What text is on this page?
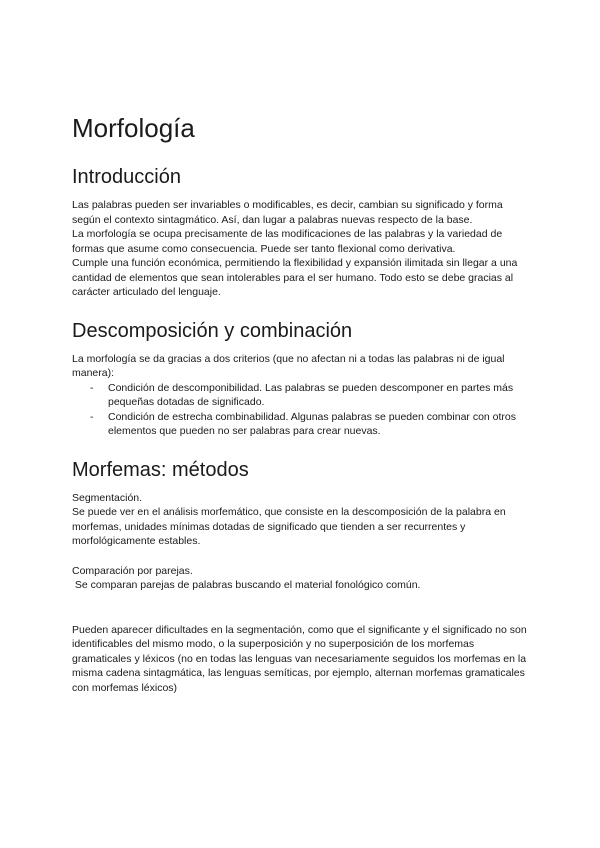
Morfología
Introducción
Las palabras pueden ser invariables o modificables, es decir, cambian su significado y forma según el contexto sintagmático. Así, dan lugar a palabras nuevas respecto de la base.
La morfología se ocupa precisamente de las modificaciones de las palabras y la variedad de formas que asume como consecuencia. Puede ser tanto flexional como derivativa.
Cumple una función económica, permitiendo la flexibilidad y expansión ilimitada sin llegar a una cantidad de elementos que sean intolerables para el ser humano. Todo esto se debe gracias al carácter articulado del lenguaje.
Descomposición y combinación
La morfología se da gracias a dos criterios (que no afectan ni a todas las palabras ni de igual manera):
- Condición de descomponibilidad. Las palabras se pueden descomponer en partes más pequeñas dotadas de significado.
- Condición de estrecha combinabilidad. Algunas palabras se pueden combinar con otros elementos que pueden no ser palabras para crear nuevas.
Morfemas: métodos
Segmentación.
Se puede ver en el análisis morfemático, que consiste en la descomposición de la palabra en morfemas, unidades mínimas dotadas de significado que tienden a ser recurrentes y morfológicamente estables.
Comparación por parejas.
Se comparan parejas de palabras buscando el material fonológico común.
Pueden aparecer dificultades en la segmentación, como que el significante y el significado no son identificables del mismo modo, o la superposición y no superposición de los morfemas gramaticales y léxicos (no en todas las lenguas van necesariamente seguidos los morfemas en la misma cadena sintagmática, las lenguas semíticas, por ejemplo, alternan morfemas gramaticales con morfemas léxicos)
